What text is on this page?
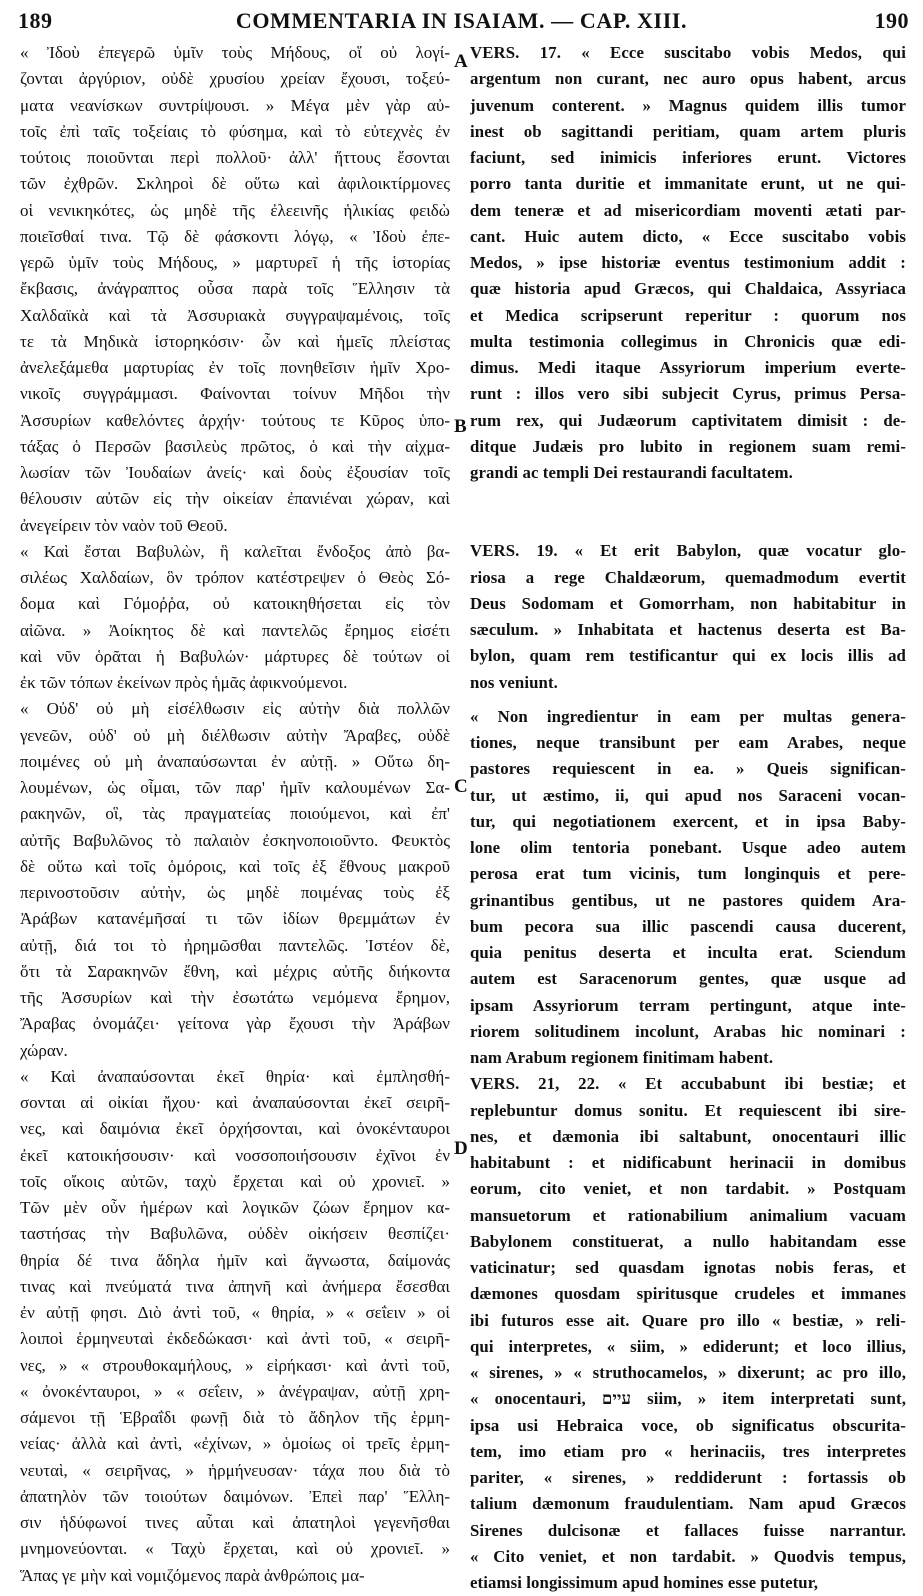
189	COMMENTARIA IN ISAIAM. — CAP. XIII.	190
A
B
C
D
« Ἰδοὺ ἐπεγερῶ ὑμῖν τοὺς Μήδους, οἵ οὐ λογί-
ζονται ἀργύριον, οὐδὲ χρυσίου χρείαν ἔχουσι, τοξεύ-
ματα νεανίσκων συντρίψουσι. » Μέγα μὲν γὰρ αὐ-
τοῖς ἐπὶ ταῖς τοξείαις τὸ φύσημα, καὶ τὸ εὐτεχνὲς ἐν
τούτοις ποιοῦνται περὶ πολλοῦ· ἀλλ' ἥττους ἔσονται
τῶν ἐχθρῶν. Σκληροὶ δὲ οὕτω καὶ ἀφιλοικτίρμονες
οἱ νενικηκότες, ὡς μηδὲ τῆς ἐλεεινῆς ἡλικίας φειδὼ
ποιεῖσθαί τινα. Τῷ δὲ φάσκοντι λόγῳ, « Ἰδοὺ ἐπε-
γερῶ ὑμῖν τοὺς Μήδους, » μαρτυρεῖ ἡ τῆς ἱστορίας
ἔκβασις, ἀνάγραπτος οὖσα παρὰ τοῖς Ἕλλησιν τὰ
Χαλδαϊκὰ καὶ τὰ Ἀσσυριακὰ συγγραψαμένοις, τοῖς
τε τὰ Μηδικὰ ἱστορηκόσιν· ὧν καὶ ἡμεῖς πλείστας
ἀνελεξάμεθα μαρτυρίας ἐν τοῖς πονηθεῖσιν ἡμῖν Χρο-
νικοῖς συγγράμμασι. Φαίνονται τοίνυν Μῆδοι τὴν
Ἀσσυρίων καθελόντες ἀρχήν· τούτους τε Κῦρος ὑπο-
τάξας ὁ Περσῶν βασιλεὺς πρῶτος, ὁ καὶ τὴν αἰχμα-
λωσίαν τῶν Ἰουδαίων ἀνείς· καὶ δοὺς ἐξουσίαν τοῖς
θέλουσιν αὐτῶν εἰς τὴν οἰκείαν ἐπανιέναι χώραν, καὶ
ἀνεγείρειν τὸν ναὸν τοῦ Θεοῦ.
« Καὶ ἔσται Βαβυλὼν, ἣ καλεῖται ἔνδοξος ἀπὸ βα-
σιλέως Χαλδαίων, ὃν τρόπον κατέστρεψεν ὁ Θεὸς Σό-
δομα καὶ Γόμοῤῥα, οὐ κατοικηθήσεται εἰς τὸν
αἰῶνα. » Ἀοίκητος δὲ καὶ παντελῶς ἔρημος εἰσέτι
καὶ νῦν ὁρᾶται ἡ Βαβυλών· μάρτυρες δὲ τούτων οἱ
ἐκ τῶν τόπων ἐκείνων πρὸς ἡμᾶς ἀφικνούμενοι.
« Οὐδ' οὐ μὴ εἰσέλθωσιν εἰς αὐτὴν διὰ πολλῶν
γενεῶν, οὐδ' οὐ μὴ διέλθωσιν αὐτὴν Ἄραβες, οὐδὲ
ποιμένες οὐ μὴ ἀναπαύσωνται ἐν αὐτῇ. » Οὕτω δη-
λουμένων, ὡς οἶμαι, τῶν παρ' ἡμῖν καλουμένων Σα-
ρακηνῶν, οἳ, τὰς πραγματείας ποιούμενοι, καὶ ἐπ'
αὐτῆς Βαβυλῶνος τὸ παλαιὸν ἐσκηνοποιοῦντο. Φευκτὸς
δὲ οὕτω καὶ τοῖς ὁμόροις, καὶ τοῖς ἐξ ἔθνους μακροῦ
περινοστοῦσιν αὐτὴν, ὡς μηδὲ ποιμένας τοὺς ἐξ
Ἀράβων κατανέμῆσαί τι τῶν ἰδίων θρεμμάτων ἐν
αὐτῇ, διά τοι τὸ ἠρημῶσθαι παντελῶς. Ἰστέον δὲ,
ὅτι τὰ Σαρακηνῶν ἔθνη, καὶ μέχρις αὐτῆς διήκοντα
τῆς Ἀσσυρίων καὶ τὴν ἐσωτάτω νεμόμενα ἔρημον,
Ἄραβας ὀνομάζει· γείτονα γὰρ ἔχουσι τὴν Ἀράβων
χώραν.
« Καὶ ἀναπαύσονται ἐκεῖ θηρία· καὶ ἐμπλησθή-
σονται αἱ οἰκίαι ἤχου· καὶ ἀναπαύσονται ἐκεῖ σειρῆ-
νες, καὶ δαιμόνια ἐκεῖ ὀρχήσονται, καὶ ὀνοκένταυροι
ἐκεῖ κατοικήσουσιν· καὶ νοσσοποιήσουσιν ἐχῖνοι ἐν
τοῖς οἴκοις αὐτῶν, ταχὺ ἔρχεται καὶ οὐ χρονιεῖ. »
Τῶν μὲν οὖν ἡμέρων καὶ λογικῶν ζώων ἔρημον κα-
ταστήσας τὴν Βαβυλῶνα, οὐδὲν οἰκήσειν θεσπίζει·
θηρία δέ τινα ἄδηλα ἡμῖν καὶ ἄγνωστα, δαίμονάς
τινας καὶ πνεύματά τινα ἀπηνῆ καὶ ἀνήμερα ἔσεσθαι
ἐν αὐτῇ φησι. Διὸ ἀντὶ τοῦ, « θηρία, » « σεΐειν » οἱ
λοιποὶ ἑρμηνευταὶ ἐκδεδώκασι· καὶ ἀντὶ τοῦ, « σειρῆ-
νες, » « στρουθοκαμήλους, » εἰρήκασι· καὶ ἀντὶ τοῦ,
« ὀνοκένταυροι, » « σεΐειν, » ἀνέγραψαν, αὐτῇ χρη-
σάμενοι τῇ Ἑβραΐδι φωνῇ διὰ τὸ ἄδηλον τῆς ἑρμη-
νείας· ἀλλὰ καὶ ἀντὶ, «ἐχίνων, » ὁμοίως οἱ τρεῖς ἑρμη-
νευταὶ, « σειρῆνας, » ἡρμήνευσαν· τάχα που διὰ τὸ
ἀπατηλὸν τῶν τοιούτων δαιμόνων. Ἐπεὶ παρ' Ἕλλη-
σιν ἡδύφωνοί τινες αὗται καὶ ἀπατηλοὶ γεγενῆσθαι
μνημονεύονται. « Ταχὺ ἔρχεται, καὶ οὐ χρονιεῖ. »
Ἅπας γε μὴν καὶ νομιζόμενος παρὰ ἀνθρώποις μα-
VERS. 17. « Ecce suscitabo vobis Medos, qui
argentum non curant, nec auro opus habent, arcus
juvenum conterent. » Magnus quidem illis tumor
inest ob sagittandi peritiam, quam artem pluris
faciunt, sed inimicis inferiores erunt. Victores
porro tanta duritie et immanitate erunt, ut ne qui-
dem teneræ et ad misericordiam moventi ætati par-
cant. Huic autem dicto, « Ecce suscitabo vobis
Medos, » ipse historiæ eventus testimonium addit :
quæ historia apud Græcos, qui Chaldaica, Assyriaca
et Medica scripserunt reperitur : quorum nos
multa testimonia collegimus in Chronicis quæ edi-
dimus. Medi itaque Assyriorum imperium everte-
runt : illos vero sibi subjecit Cyrus, primus Persa-
rum rex, qui Judæorum captivitatem dimisit : de-
ditque Judæis pro lubito in regionem suam remi-
grandi ac templi Dei restaurandi facultatem.
VERS. 19. « Et erit Babylon, quæ vocatur glo-
riosa a rege Chaldæorum, quemadmodum evertit
Deus Sodomam et Gomorrham, non habitabitur in
sæculum. » Inhabitata et hactenus deserta est Ba-
bylon, quam rem testificantur qui ex locis illis ad
nos veniunt.
« Non ingredientur in eam per multas genera-
tiones, neque transibunt per eam Arabes, neque
pastores requiescent in ea. » Queis significan-
tur, ut æstimo, ii, qui apud nos Saraceni vocan-
tur, qui negotiationem exercent, et in ipsa Baby-
lone olim tentoria ponebant. Usque adeo autem
perosa erat tum vicinis, tum longinquis et pere-
grinantibus gentibus, ut ne pastores quidem Ara-
bum pecora sua illic pascendi causa ducerent,
quia penitus deserta et inculta erat. Sciendum
autem est Saracenorum gentes, quæ usque ad
ipsam Assyriorum terram pertingunt, atque inte-
riorem solitudinem incolunt, Arabas hic nominari :
nam Arabum regionem finitimam habent.
VERS. 21, 22. « Et accubabunt ibi bestiæ; et
replebuntur domus sonitu. Et requiescent ibi sire-
nes, et dæmonia ibi saltabunt, onocentauri illic
habitabunt : et nidificabunt herinacii in domibus
eorum, cito veniet, et non tardabit. » Postquam
mansuetorum et rationabilium animalium vacuam
Babylonem constituerat, a nullo habitandam esse
vaticinatur; sed quasdam ignotas nobis feras, et
dæmones quosdam spiritusque crudeles et immanes
ibi futuros esse ait. Quare pro illo « bestiæ, » reli-
qui interpretes, « siim, » ediderunt; et loco illius,
« sirenes, » « struthocamelos, » dixerunt; ac pro illo,
« onocentauri, עיים siim, » item interpretati sunt,
ipsa usi Hebraica voce, ob significatus obscurita-
tem, imo etiam pro « herinaciis, tres interpretes
pariter, « sirenes, » reddiderunt : fortassis ob
talium dæmonum fraudulentiam. Nam apud Græcos
Sirenes dulcisonæ et fallaces fuisse narrantur.
« Cito veniet, et non tardabit. » Quodvis tempus,
etiamsi longissimum apud homines esse putetur,
